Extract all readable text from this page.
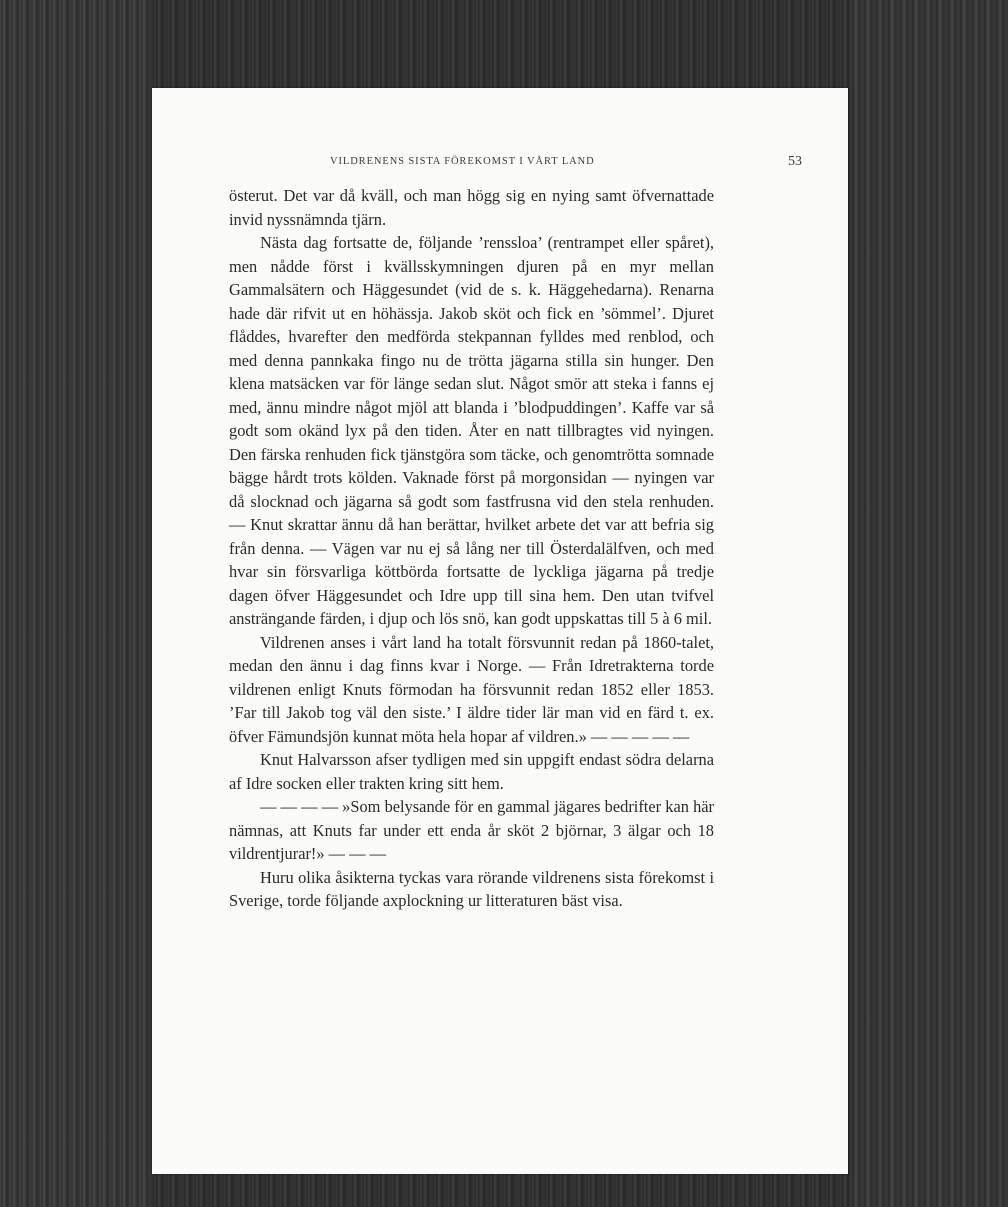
VILDRENENS SISTA FÖREKOMST I VÅRT LAND	53

österut. Det var då kväll, och man högg sig en nying samt öfvernattade invid nyssnämnda tjärn.

Nästa dag fortsatte de, följande ’renssloa’ (rentrampet eller spåret), men nådde först i kvällsskymningen djuren på en myr mellan Gammalsätern och Häggesundet (vid de s. k. Häggehedarna). Renarna hade där rifvit ut en höhässja. Jakob sköt och fick en ’sömmel’. Djuret flåddes, hvarefter den medförda stekpannan fylldes med renblod, och med denna pannkaka fingo nu de trötta jägarna stilla sin hunger. Den klena matsäcken var för länge sedan slut. Något smör att steka i fanns ej med, ännu mindre något mjöl att blanda i ’blodpuddingen’. Kaffe var så godt som okänd lyx på den tiden. Åter en natt tillbragtes vid nyingen. Den färska renhuden fick tjänstgöra som täcke, och genomtrötta somnade bägge hårdt trots kölden. Vaknade först på morgonsidan — nyingen var då slocknad och jägarna så godt som fastfrusna vid den stela renhuden. — Knut skrattar ännu då han berättar, hvilket arbete det var att befria sig från denna. — Vägen var nu ej så lång ner till Österdalälfven, och med hvar sin försvarliga köttbörda fortsatte de lyckliga jägarna på tredje dagen öfver Häggesundet och Idre upp till sina hem. Den utan tvifvel ansträngande färden, i djup och lös snö, kan godt uppskattas till 5 à 6 mil.

Vildrenen anses i vårt land ha totalt försvunnit redan på 1860-talet, medan den ännu i dag finns kvar i Norge. — Från Idretrakterna torde vildrenen enligt Knuts förmodan ha försvunnit redan 1852 eller 1853. ’Far till Jakob tog väl den siste.’ I äldre tider lär man vid en färd t. ex. öfver Fämundsjön kunnat möta hela hopar af vildren.» — — — — —

Knut Halvarsson afser tydligen med sin uppgift endast södra delarna af Idre socken eller trakten kring sitt hem.

— — — — »Som belysande för en gammal jägares bedrifter kan här nämnas, att Knuts far under ett enda år sköt 2 björnar, 3 älgar och 18 vildrentjurar!» — — —

Huru olika åsikterna tyckas vara rörande vildrenens sista förekomst i Sverige, torde följande axplockning ur litteraturen bäst visa.
